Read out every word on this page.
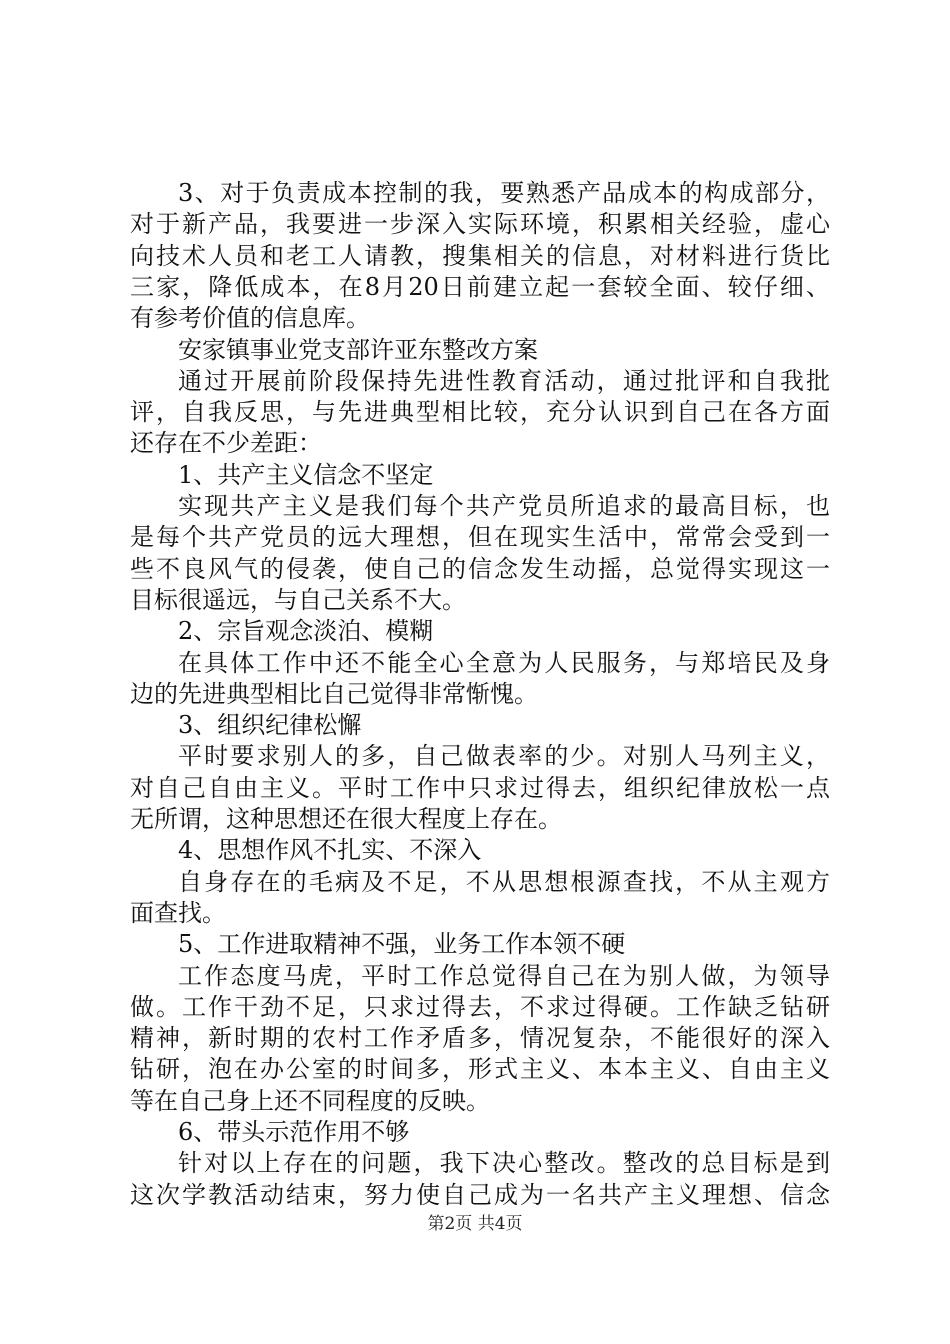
3、对于负责成本控制的我，要熟悉产品成本的构成部分，
对于新产品，我要进一步深入实际环境，积累相关经验，虚心
向技术人员和老工人请教，搜集相关的信息，对材料进行货比
三家，降低成本，在8月20日前建立起一套较全面、较仔细、
有参考价值的信息库。
安家镇事业党支部许亚东整改方案
通过开展前阶段保持先进性教育活动，通过批评和自我批
评，自我反思，与先进典型相比较，充分认识到自己在各方面
还存在不少差距：
1、共产主义信念不坚定
实现共产主义是我们每个共产党员所追求的最高目标，也
是每个共产党员的远大理想，但在现实生活中，常常会受到一
些不良风气的侵袭，使自己的信念发生动摇，总觉得实现这一
目标很遥远，与自己关系不大。
2、宗旨观念淡泊、模糊
在具体工作中还不能全心全意为人民服务，与郑培民及身
边的先进典型相比自己觉得非常惭愧。
3、组织纪律松懈
平时要求别人的多，自己做表率的少。对别人马列主义，
对自己自由主义。平时工作中只求过得去，组织纪律放松一点
无所谓，这种思想还在很大程度上存在。
4、思想作风不扎实、不深入
自身存在的毛病及不足，不从思想根源查找，不从主观方
面查找。
5、工作进取精神不强，业务工作本领不硬
工作态度马虎，平时工作总觉得自己在为别人做，为领导
做。工作干劲不足，只求过得去，不求过得硬。工作缺乏钻研
精神，新时期的农村工作矛盾多，情况复杂，不能很好的深入
钻研，泡在办公室的时间多，形式主义、本本主义、自由主义
等在自己身上还不同程度的反映。
6、带头示范作用不够
针对以上存在的问题，我下决心整改。整改的总目标是到
这次学教活动结束，努力使自己成为一名共产主义理想、信念
第2页 共4页
